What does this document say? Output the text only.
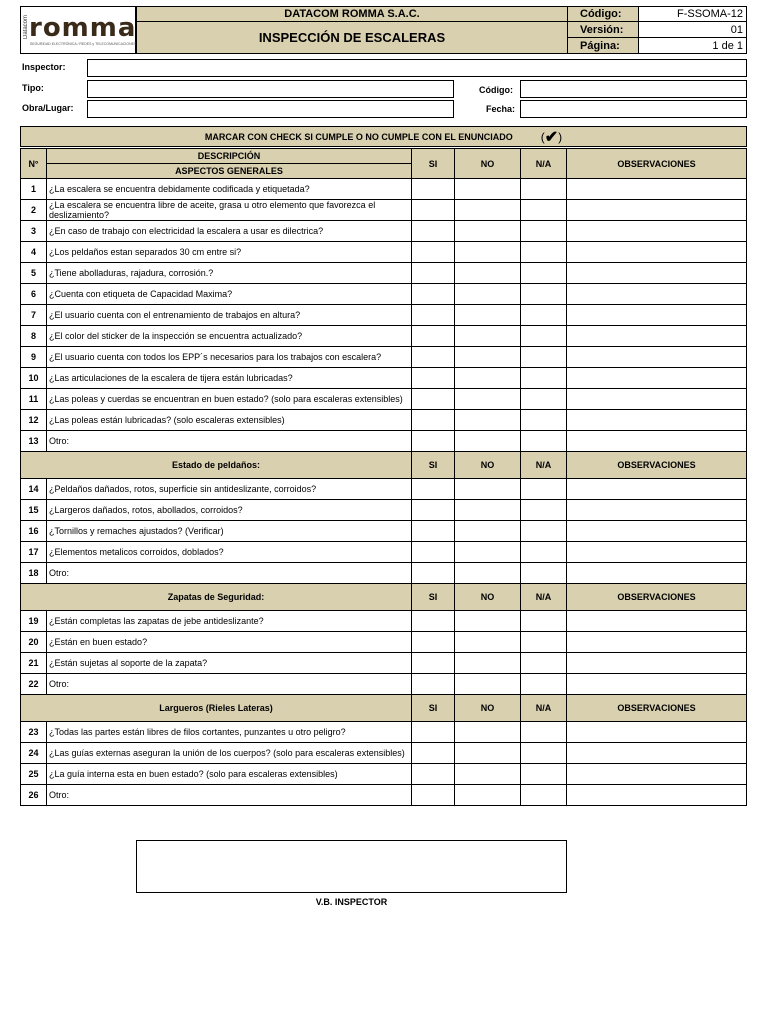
Datacom romma
SEGURIDAD ELECTRÓNICA / REDES y TELECOMUNICACIONES
DATACOM ROMMA S.A.C.
INSPECCIÓN DE ESCALERAS
Código:	F-SSOMA-12
Versión:	01
Página:	1 de 1
Inspector:
Tipo:
Obra/Lugar:
Código:
Fecha:
MARCAR CON CHECK SI CUMPLE O NO CUMPLE CON EL ENUNCIADO ( ✔ )
N°
DESCRIPCIÓN
ASPECTOS GENERALES
SI	NO	N/A	OBSERVACIONES
1	¿La escalera se encuentra debidamente codificada y etiquetada?
2	¿La escalera se encuentra libre de aceite, grasa u otro elemento que favorezca el deslizamiento?
3	¿En caso de trabajo con electricidad la escalera a usar es dilectrica?
4	¿Los peldaños estan separados 30 cm entre si?
5	¿Tiene abolladuras, rajadura, corrosión.?
6	¿Cuenta con etiqueta de Capacidad Maxima?
7	¿El usuario cuenta con el entrenamiento de trabajos en altura?
8	¿El color del sticker de la inspección se encuentra actualizado?
9	¿El usuario cuenta con todos los EPP´s necesarios para los trabajos con escalera?
10	¿Las articulaciones de la escalera de tijera están lubricadas?
11	¿Las poleas y cuerdas se encuentran en buen estado? (solo para escaleras extensibles)
12	¿Las poleas están lubricadas? (solo escaleras extensibles)
13	Otro:
Estado de peldaños:	SI	NO	N/A	OBSERVACIONES
14	¿Peldaños dañados, rotos, superficie sin antideslizante, corroidos?
15	¿Largeros dañados, rotos, abollados, corroidos?
16	¿Tornillos y remaches ajustados? (Verificar)
17	¿Elementos metalicos corroidos, doblados?
18	Otro:
Zapatas de Seguridad:	SI	NO	N/A	OBSERVACIONES
19	¿Están completas las zapatas de jebe antideslizante?
20	¿Están en buen estado?
21	¿Están sujetas al soporte de la zapata?
22	Otro:
Largueros (Rieles Lateras)	SI	NO	N/A	OBSERVACIONES
23	¿Todas las partes están libres de filos cortantes, punzantes u otro peligro?
24	¿Las guías externas aseguran la unión de los cuerpos? (solo para escaleras extensibles)
25	¿La guía interna esta en buen estado? (solo para escaleras extensibles)
26	Otro:
V.B. INSPECTOR
